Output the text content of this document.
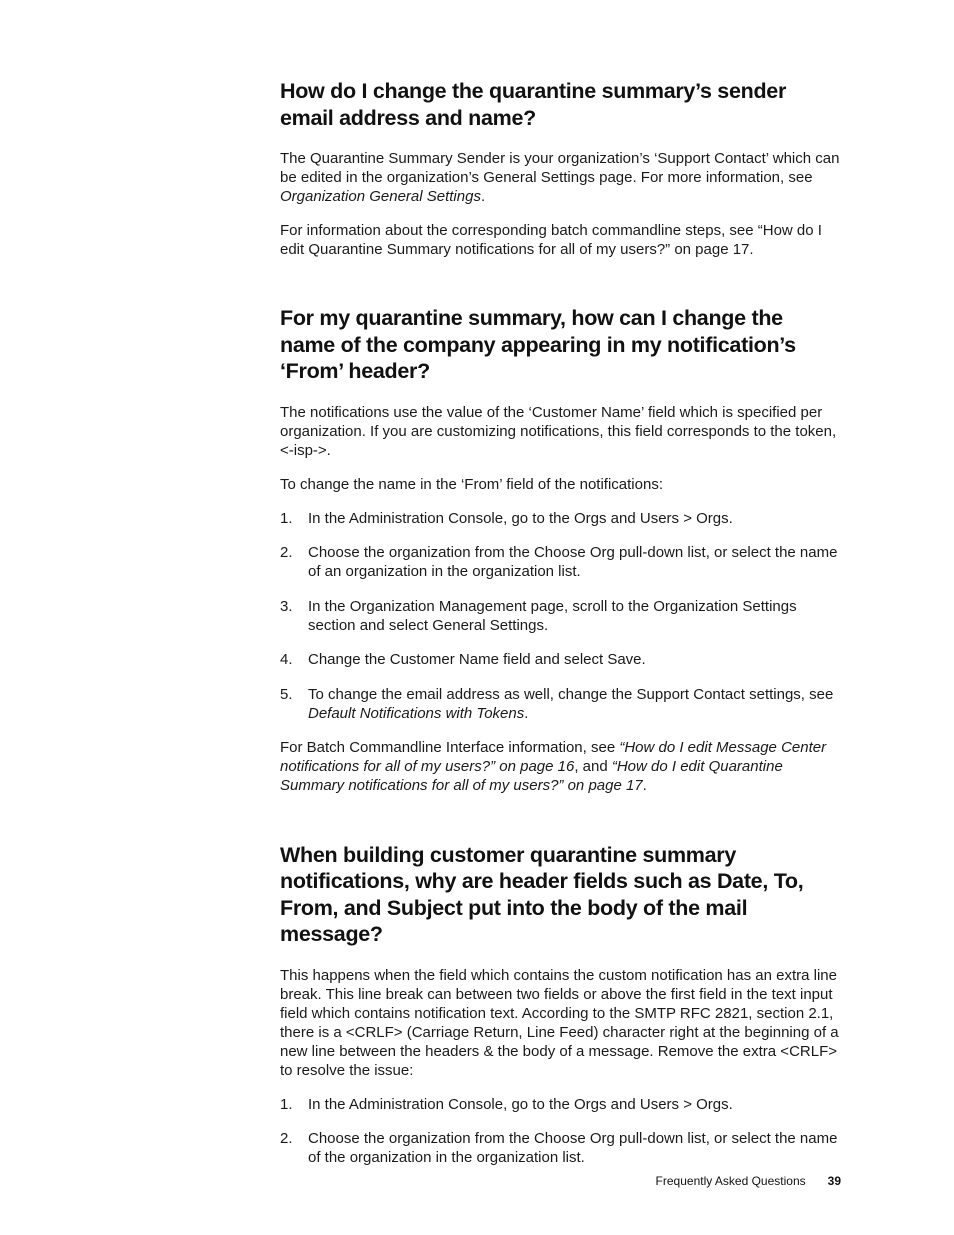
How do I change the quarantine summary’s sender email address and name?

The Quarantine Summary Sender is your organization’s ‘Support Contact’ which can be edited in the organization’s General Settings page. For more information, see Organization General Settings.

For information about the corresponding batch commandline steps, see “How do I edit Quarantine Summary notifications for all of my users?” on page 17.

For my quarantine summary, how can I change the name of the company appearing in my notification’s ‘From’ header?

The notifications use the value of the ‘Customer Name’ field which is specified per organization. If you are customizing notifications, this field corresponds to the token, <-isp->.

To change the name in the ‘From’ field of the notifications:

1. In the Administration Console, go to the Orgs and Users > Orgs.
2. Choose the organization from the Choose Org pull-down list, or select the name of an organization in the organization list.
3. In the Organization Management page, scroll to the Organization Settings section and select General Settings.
4. Change the Customer Name field and select Save.
5. To change the email address as well, change the Support Contact settings, see Default Notifications with Tokens.

For Batch Commandline Interface information, see “How do I edit Message Center notifications for all of my users?” on page 16, and “How do I edit Quarantine Summary notifications for all of my users?” on page 17.

When building customer quarantine summary notifications, why are header fields such as Date, To, From, and Subject put into the body of the mail message?

This happens when the field which contains the custom notification has an extra line break. This line break can between two fields or above the first field in the text input field which contains notification text. According to the SMTP RFC 2821, section 2.1, there is a <CRLF> (Carriage Return, Line Feed) character right at the beginning of a new line between the headers & the body of a message. Remove the extra <CRLF> to resolve the issue:

1. In the Administration Console, go to the Orgs and Users > Orgs.
2. Choose the organization from the Choose Org pull-down list, or select the name of the organization in the organization list.
Frequently Asked Questions 39
